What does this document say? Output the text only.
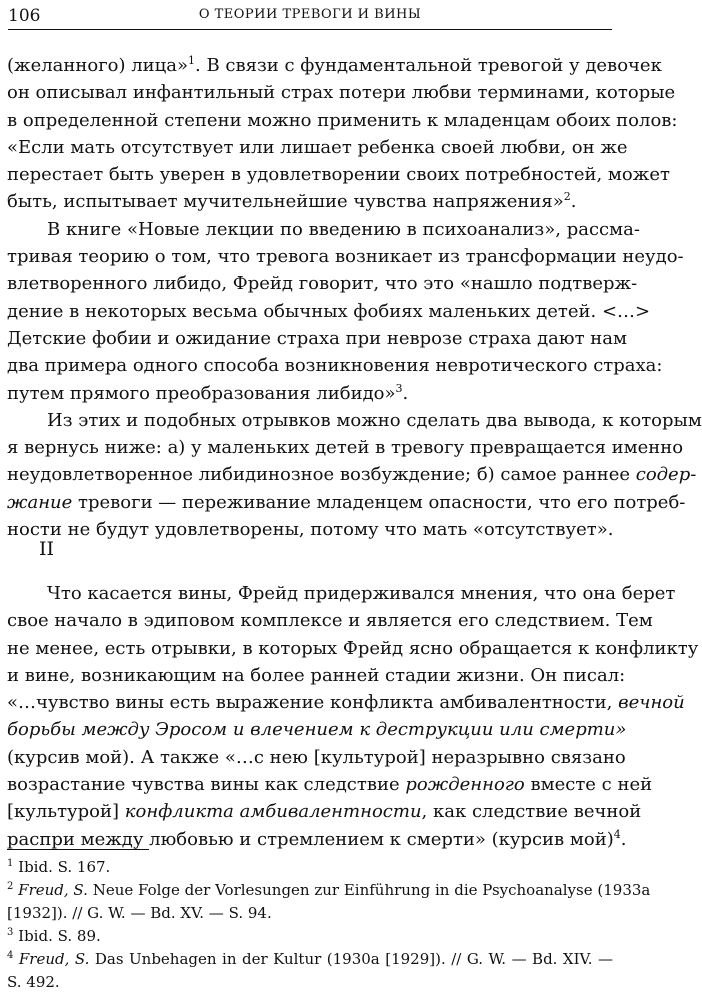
106	О ТЕОРИИ ТРЕВОГИ И ВИНЫ
(желанного) лица»$^1$. В связи с фундаментальной тревогой у девочек
он описывал инфантильный страх потери любви терминами, которые
в определенной степени можно применить к младенцам обоих полов:
«Если мать отсутствует или лишает ребенка своей любви, он же
перестает быть уверен в удовлетворении своих потребностей, может
быть, испытывает мучительнейшие чувства напряжения»$^2$.
В книге «Новые лекции по введению в психоанализ», рассма-
тривая теорию о том, что тревога возникает из трансформации неудо-
влетворенного либидо, Фрейд говорит, что это «нашло подтверж-
дение в некоторых весьма обычных фобиях маленьких детей. <…>
Детские фобии и ожидание страха при неврозе страха дают нам
два примера одного способа возникновения невротического страха:
путем прямого преобразования либидо»$^3$.
Из этих и подобных отрывков можно сделать два вывода, к которым
я вернусь ниже: а) у маленьких детей в тревогу превращается именно
неудовлетворенное либидинозное возбуждение; б) самое раннее содер-
жание тревоги — переживание младенцем опасности, что его потреб-
ности не будут удовлетворены, потому что мать «отсутствует».
II
Что касается вины, Фрейд придерживался мнения, что она берет
свое начало в эдиповом комплексе и является его следствием. Тем
не менее, есть отрывки, в которых Фрейд ясно обращается к конфликту
и вине, возникающим на более ранней стадии жизни. Он писал:
«…чувство вины есть выражение конфликта амбивалентности, вечной
борьбы между Эросом и влечением к деструкции или смерти»
(курсив мой). А также «…с нею [культурой] неразрывно связано
возрастание чувства вины как следствие рожденного вместе с ней
[культурой] конфликта амбивалентности, как следствие вечной
распри между любовью и стремлением к смерти» (курсив мой)$^4$.
$^1$ Ibid. S. 167.
$^2$ Freud, S. Neue Folge der Vorlesungen zur Einführung in die Psychoanalyse (1933a
[1932]). // G. W. — Bd. XV. — S. 94.
$^3$ Ibid. S. 89.
$^4$ Freud, S. Das Unbehagen in der Kultur (1930a [1929]). // G. W. — Bd. XIV. —
S. 492.
